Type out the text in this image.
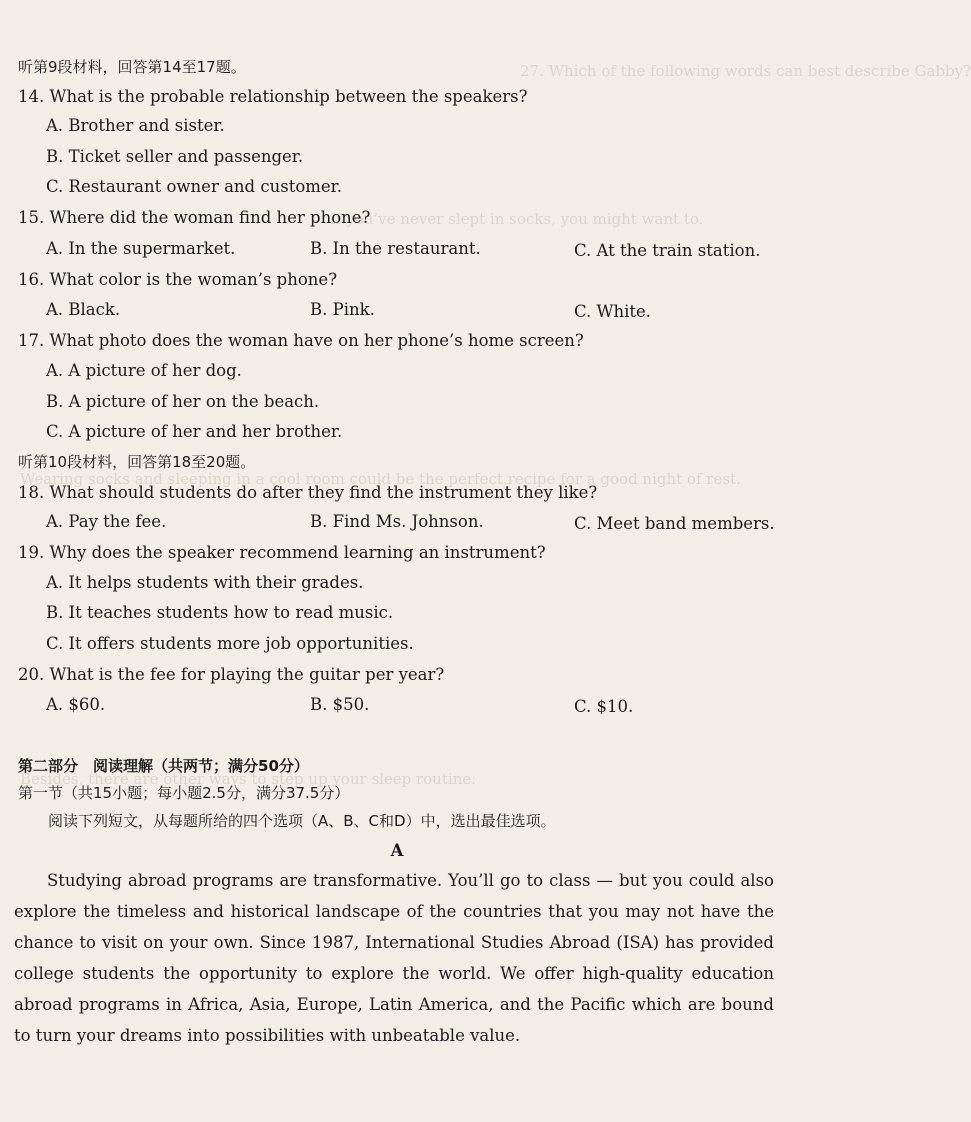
27. Which of the following words can best describe Gabby?
If you’ve never slept in socks, you might want to.
Wearing socks and sleeping in a cool room could be the perfect recipe for a good night of rest.
Besides, there are other ways to step up your sleep routine.
听第9段材料，回答第14至17题。
14. What is the probable relationship between the speakers?
A. Brother and sister.
B. Ticket seller and passenger.
C. Restaurant owner and customer.
15. Where did the woman find her phone?
A. In the supermarket.	B. In the restaurant.	C. At the train station.
16. What color is the woman’s phone?
A. Black.	B. Pink.	C. White.
17. What photo does the woman have on her phone’s home screen?
A. A picture of her dog.
B. A picture of her on the beach.
C. A picture of her and her brother.
听第10段材料，回答第18至20题。
18. What should students do after they find the instrument they like?
A. Pay the fee.	B. Find Ms. Johnson.	C. Meet band members.
19. Why does the speaker recommend learning an instrument?
A. It helps students with their grades.
B. It teaches students how to read music.
C. It offers students more job opportunities.
20. What is the fee for playing the guitar per year?
A. $60.	B. $50.	C. $10.
第二部分　阅读理解（共两节；满分50分）
第一节（共15小题；每小题2.5分，满分37.5分）
阅读下列短文，从每题所给的四个选项（A、B、C和D）中，选出最佳选项。
A
Studying abroad programs are transformative. You’ll go to class — but you could also explore the timeless and historical landscape of the countries that you may not have the chance to visit on your own. Since 1987, International Studies Abroad (ISA) has provided college students the opportunity to explore the world. We offer high-quality education abroad programs in Africa, Asia, Europe, Latin America, and the Pacific which are bound to turn your dreams into possibilities with unbeatable value.
